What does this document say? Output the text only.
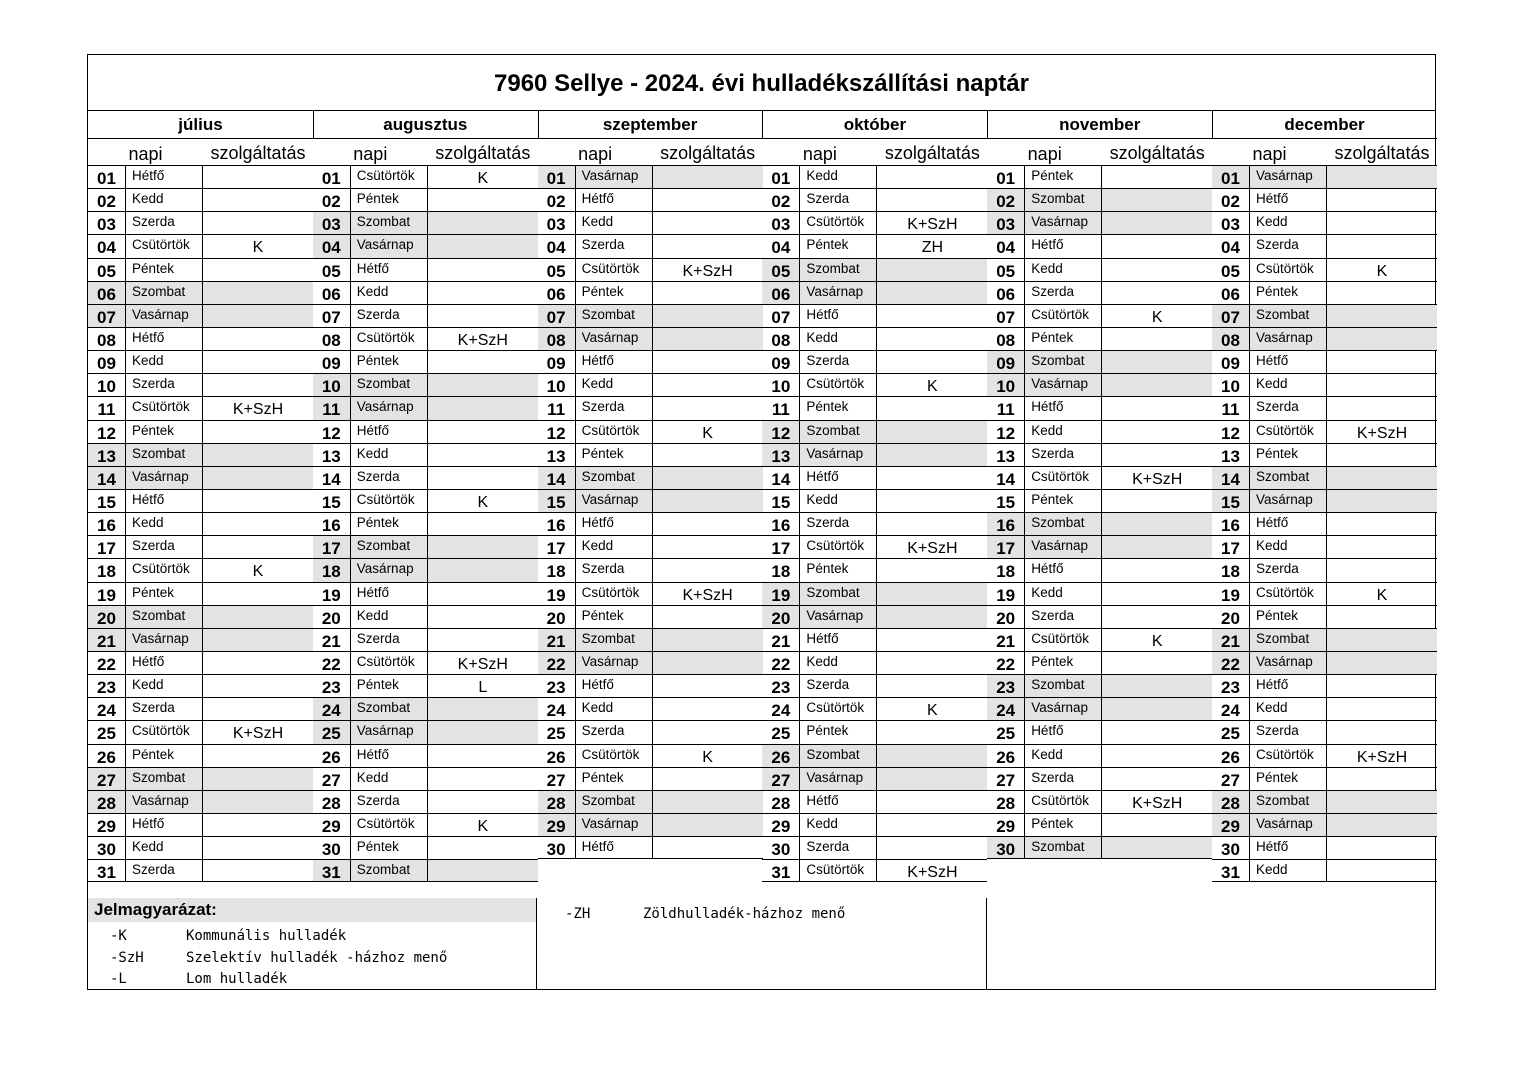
7960 Sellye - 2024. évi hulladékszállítási naptár
július
napi	szolgáltatás
01	Hétfő
02	Kedd
03	Szerda
04	Csütörtök	K
05	Péntek
06	Szombat
07	Vasárnap
08	Hétfő
09	Kedd
10	Szerda
11	Csütörtök	K+SzH
12	Péntek
13	Szombat
14	Vasárnap
15	Hétfő
16	Kedd
17	Szerda
18	Csütörtök	K
19	Péntek
20	Szombat
21	Vasárnap
22	Hétfő
23	Kedd
24	Szerda
25	Csütörtök	K+SzH
26	Péntek
27	Szombat
28	Vasárnap
29	Hétfő
30	Kedd
31	Szerda
augusztus
napi	szolgáltatás
01	Csütörtök	K
02	Péntek
03	Szombat
04	Vasárnap
05	Hétfő
06	Kedd
07	Szerda
08	Csütörtök	K+SzH
09	Péntek
10	Szombat
11	Vasárnap
12	Hétfő
13	Kedd
14	Szerda
15	Csütörtök	K
16	Péntek
17	Szombat
18	Vasárnap
19	Hétfő
20	Kedd
21	Szerda
22	Csütörtök	K+SzH
23	Péntek	L
24	Szombat
25	Vasárnap
26	Hétfő
27	Kedd
28	Szerda
29	Csütörtök	K
30	Péntek
31	Szombat
szeptember
napi	szolgáltatás
01	Vasárnap
02	Hétfő
03	Kedd
04	Szerda
05	Csütörtök	K+SzH
06	Péntek
07	Szombat
08	Vasárnap
09	Hétfő
10	Kedd
11	Szerda
12	Csütörtök	K
13	Péntek
14	Szombat
15	Vasárnap
16	Hétfő
17	Kedd
18	Szerda
19	Csütörtök	K+SzH
20	Péntek
21	Szombat
22	Vasárnap
23	Hétfő
24	Kedd
25	Szerda
26	Csütörtök	K
27	Péntek
28	Szombat
29	Vasárnap
30	Hétfő
október
napi	szolgáltatás
01	Kedd
02	Szerda
03	Csütörtök	K+SzH
04	Péntek	ZH
05	Szombat
06	Vasárnap
07	Hétfő
08	Kedd
09	Szerda
10	Csütörtök	K
11	Péntek
12	Szombat
13	Vasárnap
14	Hétfő
15	Kedd
16	Szerda
17	Csütörtök	K+SzH
18	Péntek
19	Szombat
20	Vasárnap
21	Hétfő
22	Kedd
23	Szerda
24	Csütörtök	K
25	Péntek
26	Szombat
27	Vasárnap
28	Hétfő
29	Kedd
30	Szerda
31	Csütörtök	K+SzH
november
napi	szolgáltatás
01	Péntek
02	Szombat
03	Vasárnap
04	Hétfő
05	Kedd
06	Szerda
07	Csütörtök	K
08	Péntek
09	Szombat
10	Vasárnap
11	Hétfő
12	Kedd
13	Szerda
14	Csütörtök	K+SzH
15	Péntek
16	Szombat
17	Vasárnap
18	Hétfő
19	Kedd
20	Szerda
21	Csütörtök	K
22	Péntek
23	Szombat
24	Vasárnap
25	Hétfő
26	Kedd
27	Szerda
28	Csütörtök	K+SzH
29	Péntek
30	Szombat
december
napi	szolgáltatás
01	Vasárnap
02	Hétfő
03	Kedd
04	Szerda
05	Csütörtök	K
06	Péntek
07	Szombat
08	Vasárnap
09	Hétfő
10	Kedd
11	Szerda
12	Csütörtök	K+SzH
13	Péntek
14	Szombat
15	Vasárnap
16	Hétfő
17	Kedd
18	Szerda
19	Csütörtök	K
20	Péntek
21	Szombat
22	Vasárnap
23	Hétfő
24	Kedd
25	Szerda
26	Csütörtök	K+SzH
27	Péntek
28	Szombat
29	Vasárnap
30	Hétfő
31	Kedd
Jelmagyarázat:
-K	Kommunális hulladék
-SzH	Szelektív hulladék -házhoz menő
-L	Lom hulladék
-ZH	Zöldhulladék-házhoz menő
